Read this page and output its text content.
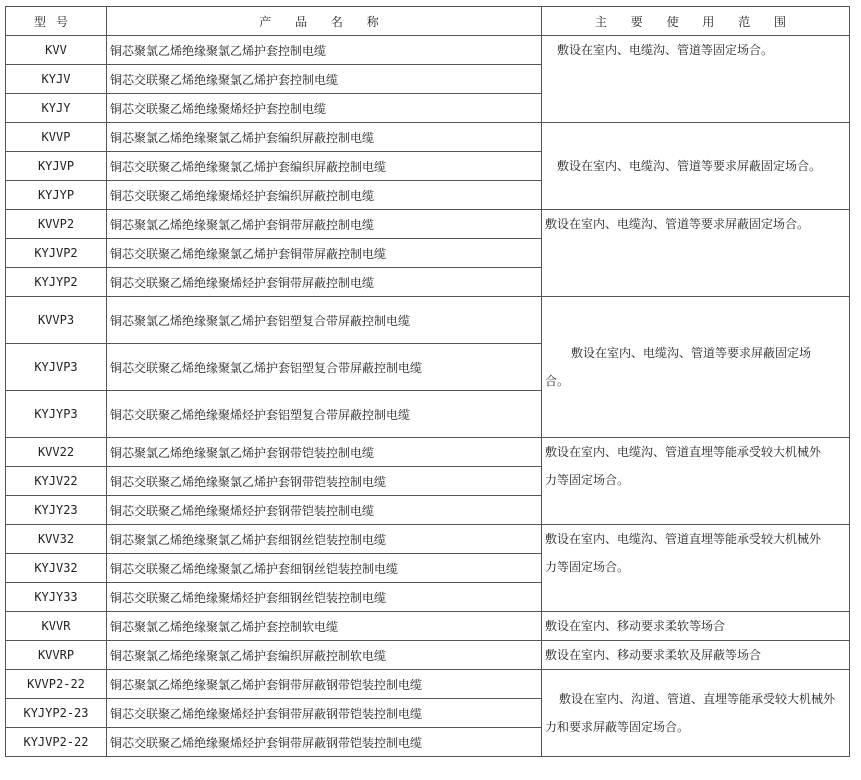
型号	产 品 名 称	主 要 使 用 范 围
KVV	铜芯聚氯乙烯绝缘聚氯乙烯护套控制电缆	敷设在室内、电缆沟、管道等固定场合。

KYJV	铜芯交联聚乙烯绝缘聚氯乙烯护套控制电缆	
KYJY	铜芯交联聚乙烯绝缘聚烯烃护套控制电缆	
KVVP	铜芯聚氯乙烯绝缘聚氯乙烯护套编织屏蔽控制电缆	敷设在室内、电缆沟、管道等要求屏蔽固定场合。

KYJVP	铜芯交联聚乙烯绝缘聚氯乙烯护套编织屏蔽控制电缆	
KYJYP	铜芯交联聚乙烯绝缘聚烯烃护套编织屏蔽控制电缆	
KVVP2	铜芯聚氯乙烯绝缘聚氯乙烯护套铜带屏蔽控制电缆	敷设在室内、电缆沟、管道等要求屏蔽固定场合。

KYJVP2	铜芯交联聚乙烯绝缘聚氯乙烯护套铜带屏蔽控制电缆	
KYJYP2	铜芯交联聚乙烯绝缘聚烯烃护套铜带屏蔽控制电缆	
KVVP3	铜芯聚氯乙烯绝缘聚氯乙烯护套铝塑复合带屏蔽控制电缆	敷设在室内、电缆沟、管道等要求屏蔽固定场
合。

KYJVP3	铜芯交联聚乙烯绝缘聚氯乙烯护套铝塑复合带屏蔽控制电缆	
KYJYP3	铜芯交联聚乙烯绝缘聚烯烃护套铝塑复合带屏蔽控制电缆	
KVV22	铜芯聚氯乙烯绝缘聚氯乙烯护套钢带铠装控制电缆	敷设在室内、电缆沟、管道直埋等能承受较大机械外
力等固定场合。

KYJV22	铜芯交联聚乙烯绝缘聚氯乙烯护套钢带铠装控制电缆	
KYJY23	铜芯交联聚乙烯绝缘聚烯烃护套钢带铠装控制电缆	
KVV32	铜芯聚氯乙烯绝缘聚氯乙烯护套细钢丝铠装控制电缆	敷设在室内、电缆沟、管道直埋等能承受较大机械外
力等固定场合。

KYJV32	铜芯交联聚乙烯绝缘聚氯乙烯护套细钢丝铠装控制电缆	
KYJY33	铜芯交联聚乙烯绝缘聚烯烃护套细钢丝铠装控制电缆	
KVVR	铜芯聚氯乙烯绝缘聚氯乙烯护套控制软电缆	敷设在室内、移动要求柔软等场合

KVVRP	铜芯聚氯乙烯绝缘聚氯乙烯护套编织屏蔽控制软电缆	敷设在室内、移动要求柔软及屏蔽等场合

KVVP2-22	铜芯聚氯乙烯绝缘聚氯乙烯护套铜带屏蔽钢带铠装控制电缆	敷设在室内、沟道、管道、直埋等能承受较大机械外
力和要求屏蔽等固定场合。

KYJYP2-23	铜芯交联聚乙烯绝缘聚烯烃护套铜带屏蔽钢带铠装控制电缆	
KYJVP2-22	铜芯交联聚乙烯绝缘聚烯烃护套铜带屏蔽钢带铠装控制电缆	
